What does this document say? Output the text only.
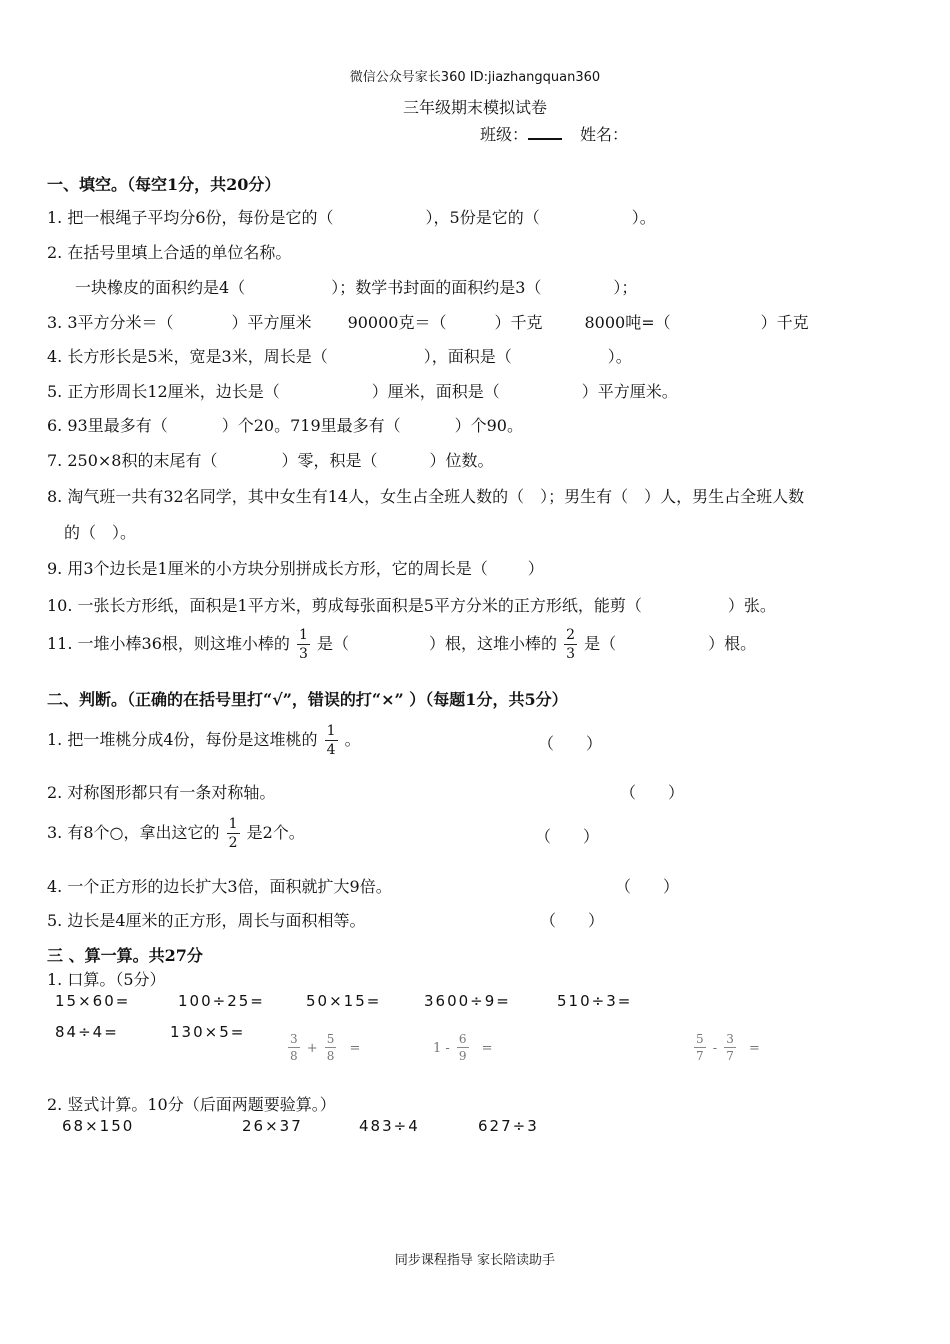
微信公众号家长360 ID:jiazhangquan360
三年级期末模拟试卷
班级：	姓名：
一、填空。（每空1分，共20分）
1. 把一根绳子平均分6份，每份是它的（	），5份是它的（	）。
2. 在括号里填上合适的单位名称。
一块橡皮的面积约是4（	）；数学书封面的面积约是3（	）；
3. 3平方分米＝（	）平方厘米 90000克＝（	）千克	8000吨=（	）千克
4. 长方形长是5米，宽是3米，周长是（	），面积是（	）。
5. 正方形周长12厘米，边长是（	）厘米，面积是（	）平方厘米。
6. 93里最多有（	）个20。719里最多有（	）个90。
7. 250×8积的末尾有（	）零，积是（	）位数。
8. 淘气班一共有32名同学，其中女生有14人，女生占全班人数的（　）；男生有（　）人，男生占全班人数
的（　）。
9. 用3个边长是1厘米的小方块分别拼成长方形，它的周长是（	）
10. 一张长方形纸，面积是1平方米，剪成每张面积是5平方分米的正方形纸，能剪（	）张。
11. 一堆小棒36根，则这堆小棒的 $\frac{1}{3}$ 是（	）根，这堆小棒的 $\frac{2}{3}$ 是（	）根。
二、判断。（正确的在括号里打“√”，错误的打“×” ）（每题1分，共5分）
1. 把一堆桃分成4份，每份是这堆桃的 $\frac{1}{4}$ 。	（　　）
2. 对称图形都只有一条对称轴。	（　　）
3. 有8个○，拿出这它的 $\frac{1}{2}$ 是2个。	（　　）
4. 一个正方形的边长扩大3倍，面积就扩大9倍。	（　　）
5. 边长是4厘米的正方形，周长与面积相等。	（　　）
三 、算一算。共27分
1. 口算。（5分）
15×60=	100÷25=	50×15=	3600÷9=	510÷3=
84÷4=	130×5=
$\frac{3}{8} + \frac{5}{8}$ =	$1 - \frac{6}{9}$ =	$\frac{5}{7} - \frac{3}{7}$ =
2. 竖式计算。10分（后面两题要验算。）
68×150	26×37	483÷4	627÷3
同步课程指导 家长陪读助手
